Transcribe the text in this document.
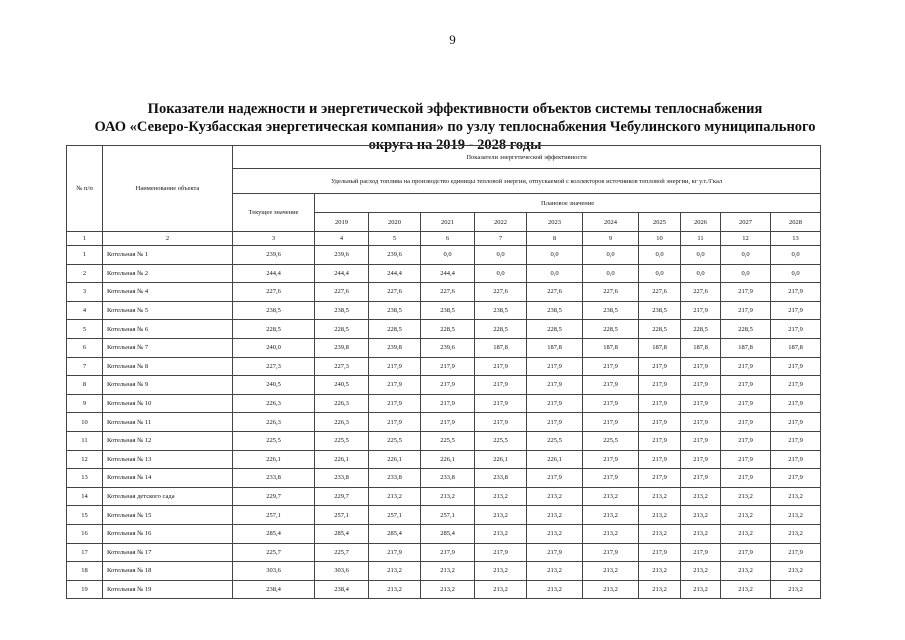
9
Показатели надежности и энергетической эффективности объектов системы теплоснабжения
ОАО «Северо-Кузбасская энергетическая компания» по узлу теплоснабжения Чебулинского муниципального
округа на 2019 - 2028 годы
№ п/п	Наименование объекта	Показатели энергетической эффективности										
		Удельный расход топлива на производство единицы тепловой энергии, отпускаемой с коллекторов источников тепловой энергии, кг у.т./Гкал										
		Текущее значение	Плановое значение									
			2019	2020	2021	2022	2023	2024	2025	2026	2027	2028
1	2	3	4	5	6	7	8	9	10	11	12	13
1	Котельная № 1	239,6	239,6	239,6	0,0	0,0	0,0	0,0	0,0	0,0	0,0	0,0
2	Котельная № 2	244,4	244,4	244,4	244,4	0,0	0,0	0,0	0,0	0,0	0,0	0,0
3	Котельная № 4	227,6	227,6	227,6	227,6	227,6	227,6	227,6	227,6	227,6	217,9	217,9
4	Котельная № 5	238,5	238,5	238,5	238,5	238,5	238,5	238,5	238,5	217,9	217,9	217,9
5	Котельная № 6	228,5	228,5	228,5	228,5	228,5	228,5	228,5	228,5	228,5	228,5	217,9
6	Котельная № 7	240,0	239,8	239,8	239,6	187,8	187,8	187,8	187,8	187,8	187,8	187,8
7	Котельная № 8	227,3	227,3	217,9	217,9	217,9	217,9	217,9	217,9	217,9	217,9	217,9
8	Котельная № 9	240,5	240,5	217,9	217,9	217,9	217,9	217,9	217,9	217,9	217,9	217,9
9	Котельная № 10	226,3	226,3	217,9	217,9	217,9	217,9	217,9	217,9	217,9	217,9	217,9
10	Котельная № 11	226,3	226,3	217,9	217,9	217,9	217,9	217,9	217,9	217,9	217,9	217,9
11	Котельная № 12	225,5	225,5	225,5	225,5	225,5	225,5	225,5	217,9	217,9	217,9	217,9
12	Котельная № 13	226,1	226,1	226,1	226,1	226,1	226,1	217,9	217,9	217,9	217,9	217,9
13	Котельная № 14	233,8	233,8	233,8	233,8	233,8	217,9	217,9	217,9	217,9	217,9	217,9
14	Котельная детского сада	229,7	229,7	213,2	213,2	213,2	213,2	213,2	213,2	213,2	213,2	213,2
15	Котельная № 15	257,1	257,1	257,1	257,1	213,2	213,2	213,2	213,2	213,2	213,2	213,2
16	Котельная № 16	285,4	285,4	285,4	285,4	213,2	213,2	213,2	213,2	213,2	213,2	213,2
17	Котельная № 17	225,7	225,7	217,9	217,9	217,9	217,9	217,9	217,9	217,9	217,9	217,9
18	Котельная № 18	303,6	303,6	213,2	213,2	213,2	213,2	213,2	213,2	213,2	213,2	213,2
19	Котельная № 19	238,4	238,4	213,2	213,2	213,2	213,2	213,2	213,2	213,2	213,2	213,2
